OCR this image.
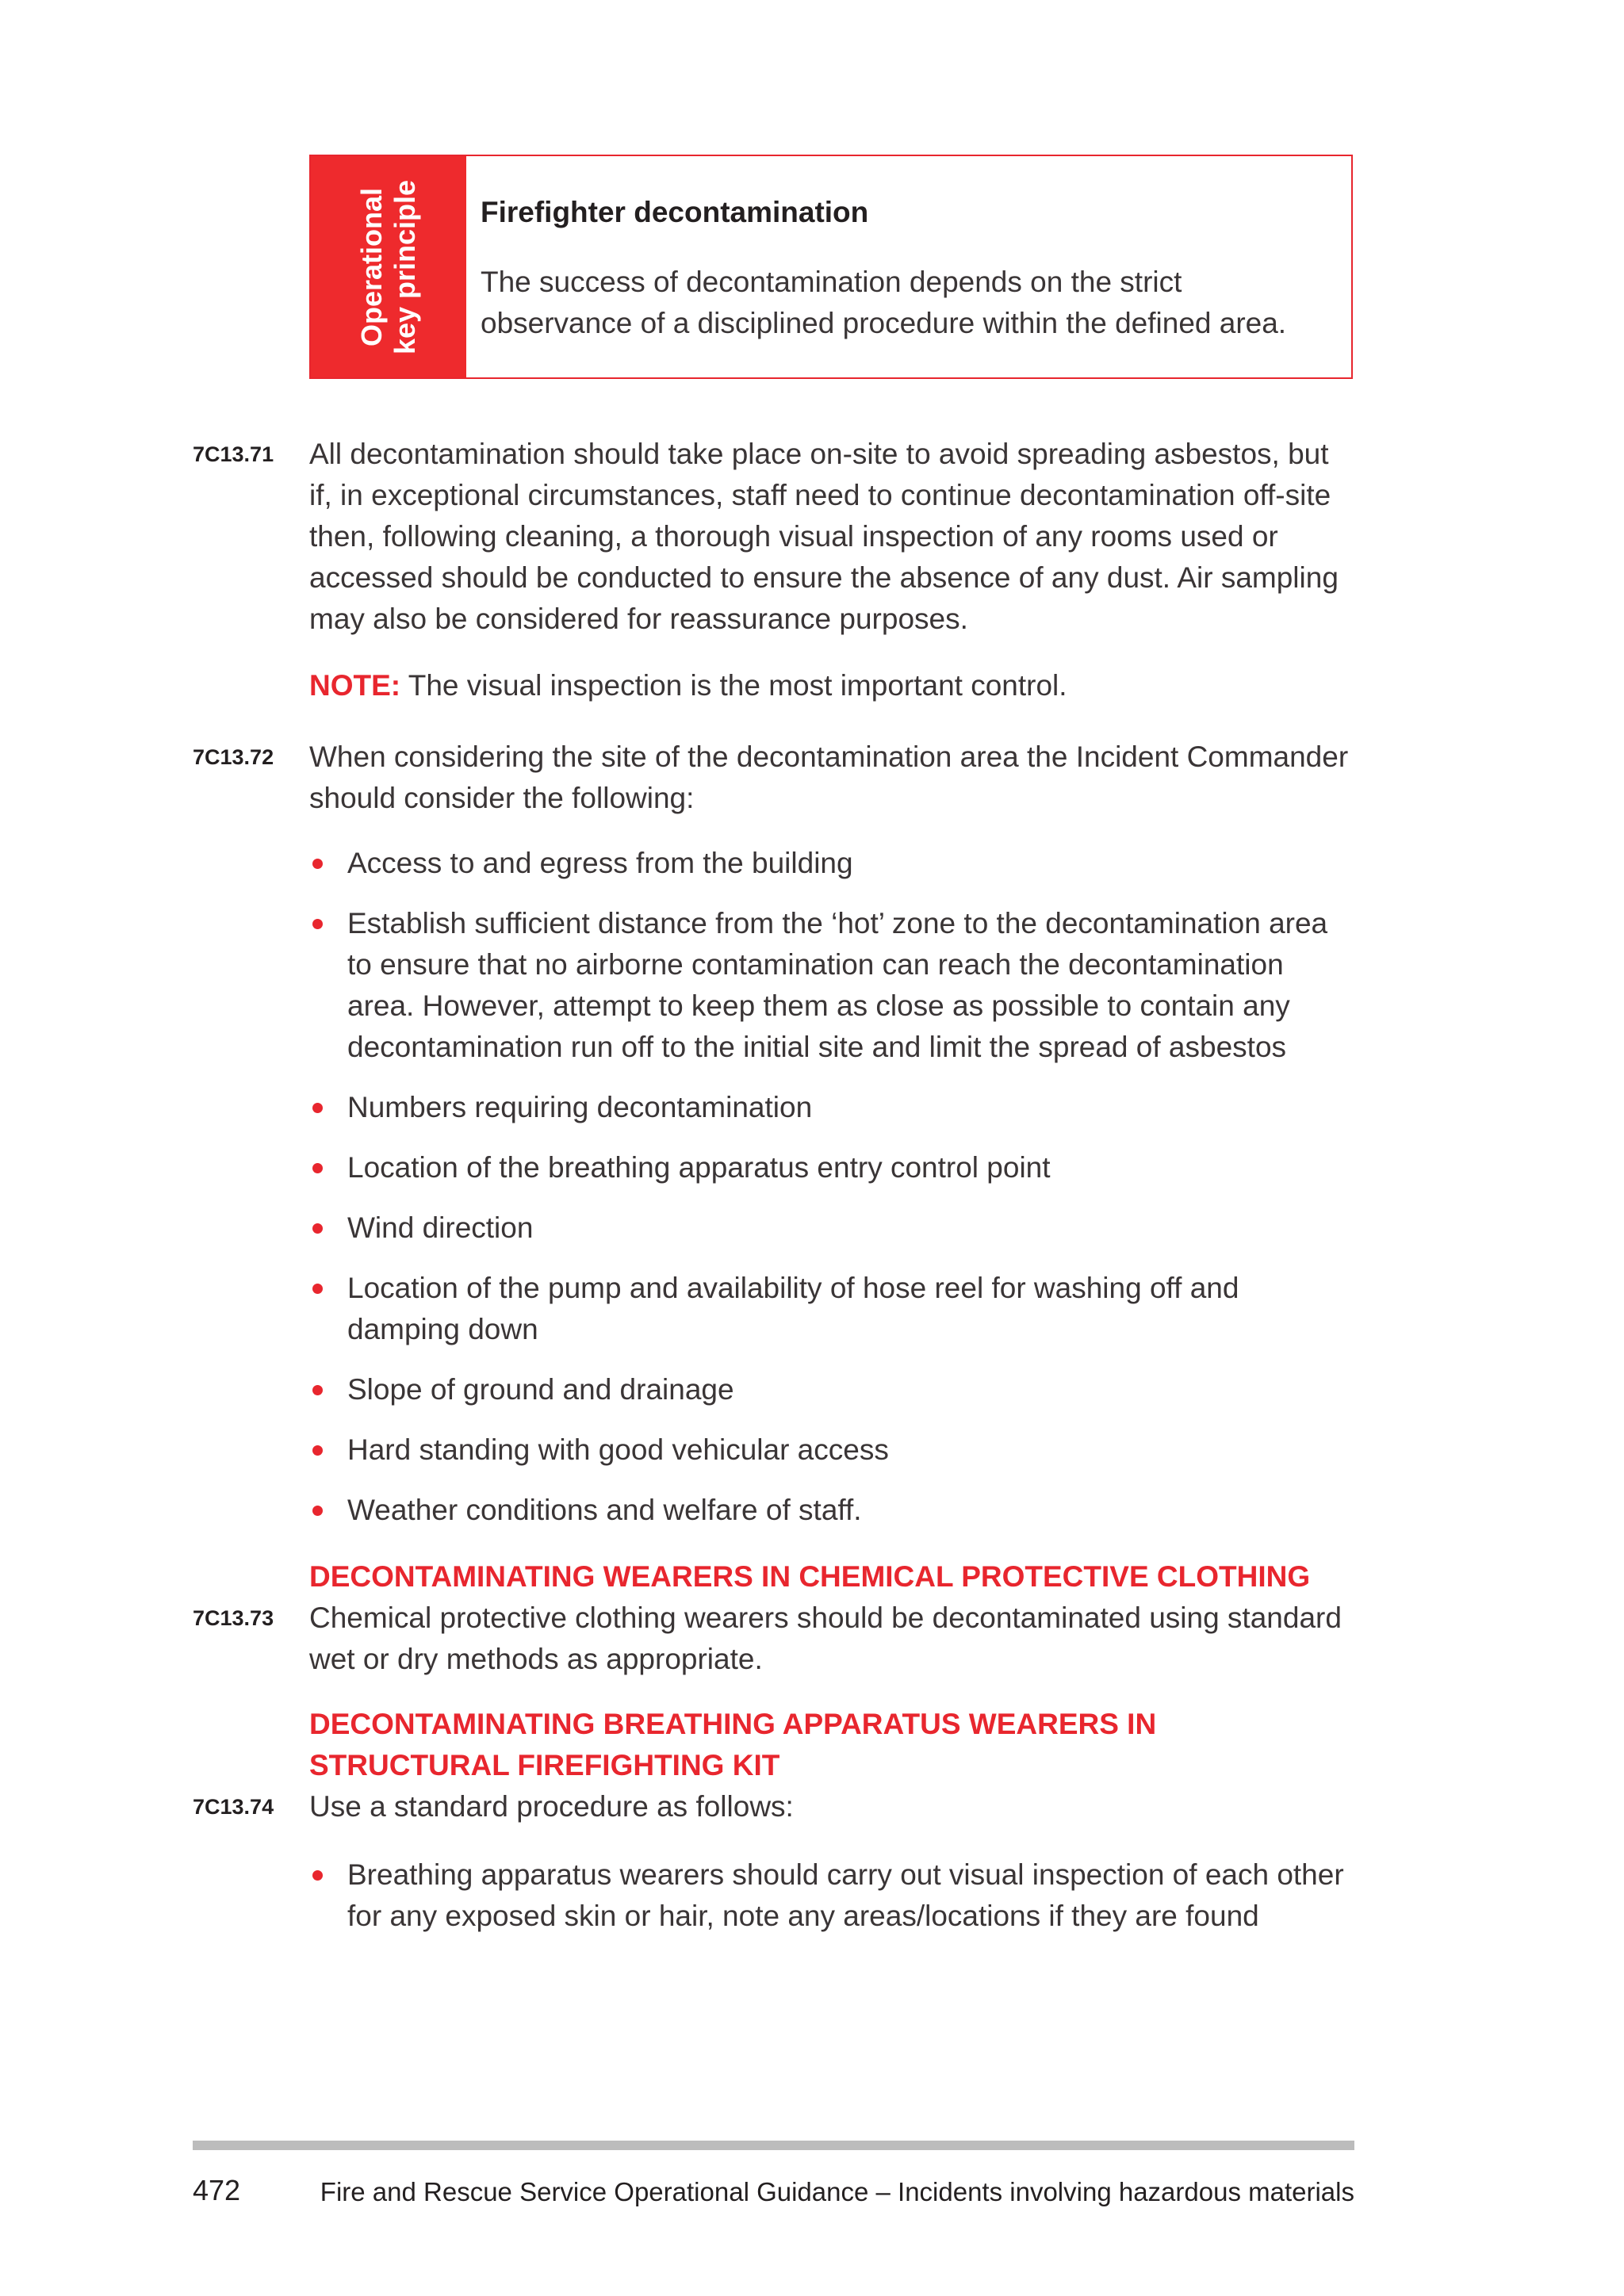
Operational key principle Firefighter decontamination
The success of decontamination depends on the strict observance of a disciplined procedure within the defined area.
7C13.71 All decontamination should take place on-site to avoid spreading asbestos, but if, in exceptional circumstances, staff need to continue decontamination off-site then, following cleaning, a thorough visual inspection of any rooms used or accessed should be conducted to ensure the absence of any dust. Air sampling may also be considered for reassurance purposes.
NOTE: The visual inspection is the most important control.
7C13.72 When considering the site of the decontamination area the Incident Commander should consider the following:
Access to and egress from the building
Establish sufficient distance from the ‘hot’ zone to the decontamination area to ensure that no airborne contamination can reach the decontamination area. However, attempt to keep them as close as possible to contain any decontamination run off to the initial site and limit the spread of asbestos
Numbers requiring decontamination
Location of the breathing apparatus entry control point
Wind direction
Location of the pump and availability of hose reel for washing off and damping down
Slope of ground and drainage
Hard standing with good vehicular access
Weather conditions and welfare of staff.
DECONTAMINATING WEARERS IN CHEMICAL PROTECTIVE CLOTHING
7C13.73 Chemical protective clothing wearers should be decontaminated using standard wet or dry methods as appropriate.
DECONTAMINATING BREATHING APPARATUS WEARERS IN STRUCTURAL FIREFIGHTING KIT
7C13.74 Use a standard procedure as follows:
Breathing apparatus wearers should carry out visual inspection of each other for any exposed skin or hair, note any areas/locations if they are found
472	Fire and Rescue Service Operational Guidance – Incidents involving hazardous materials
